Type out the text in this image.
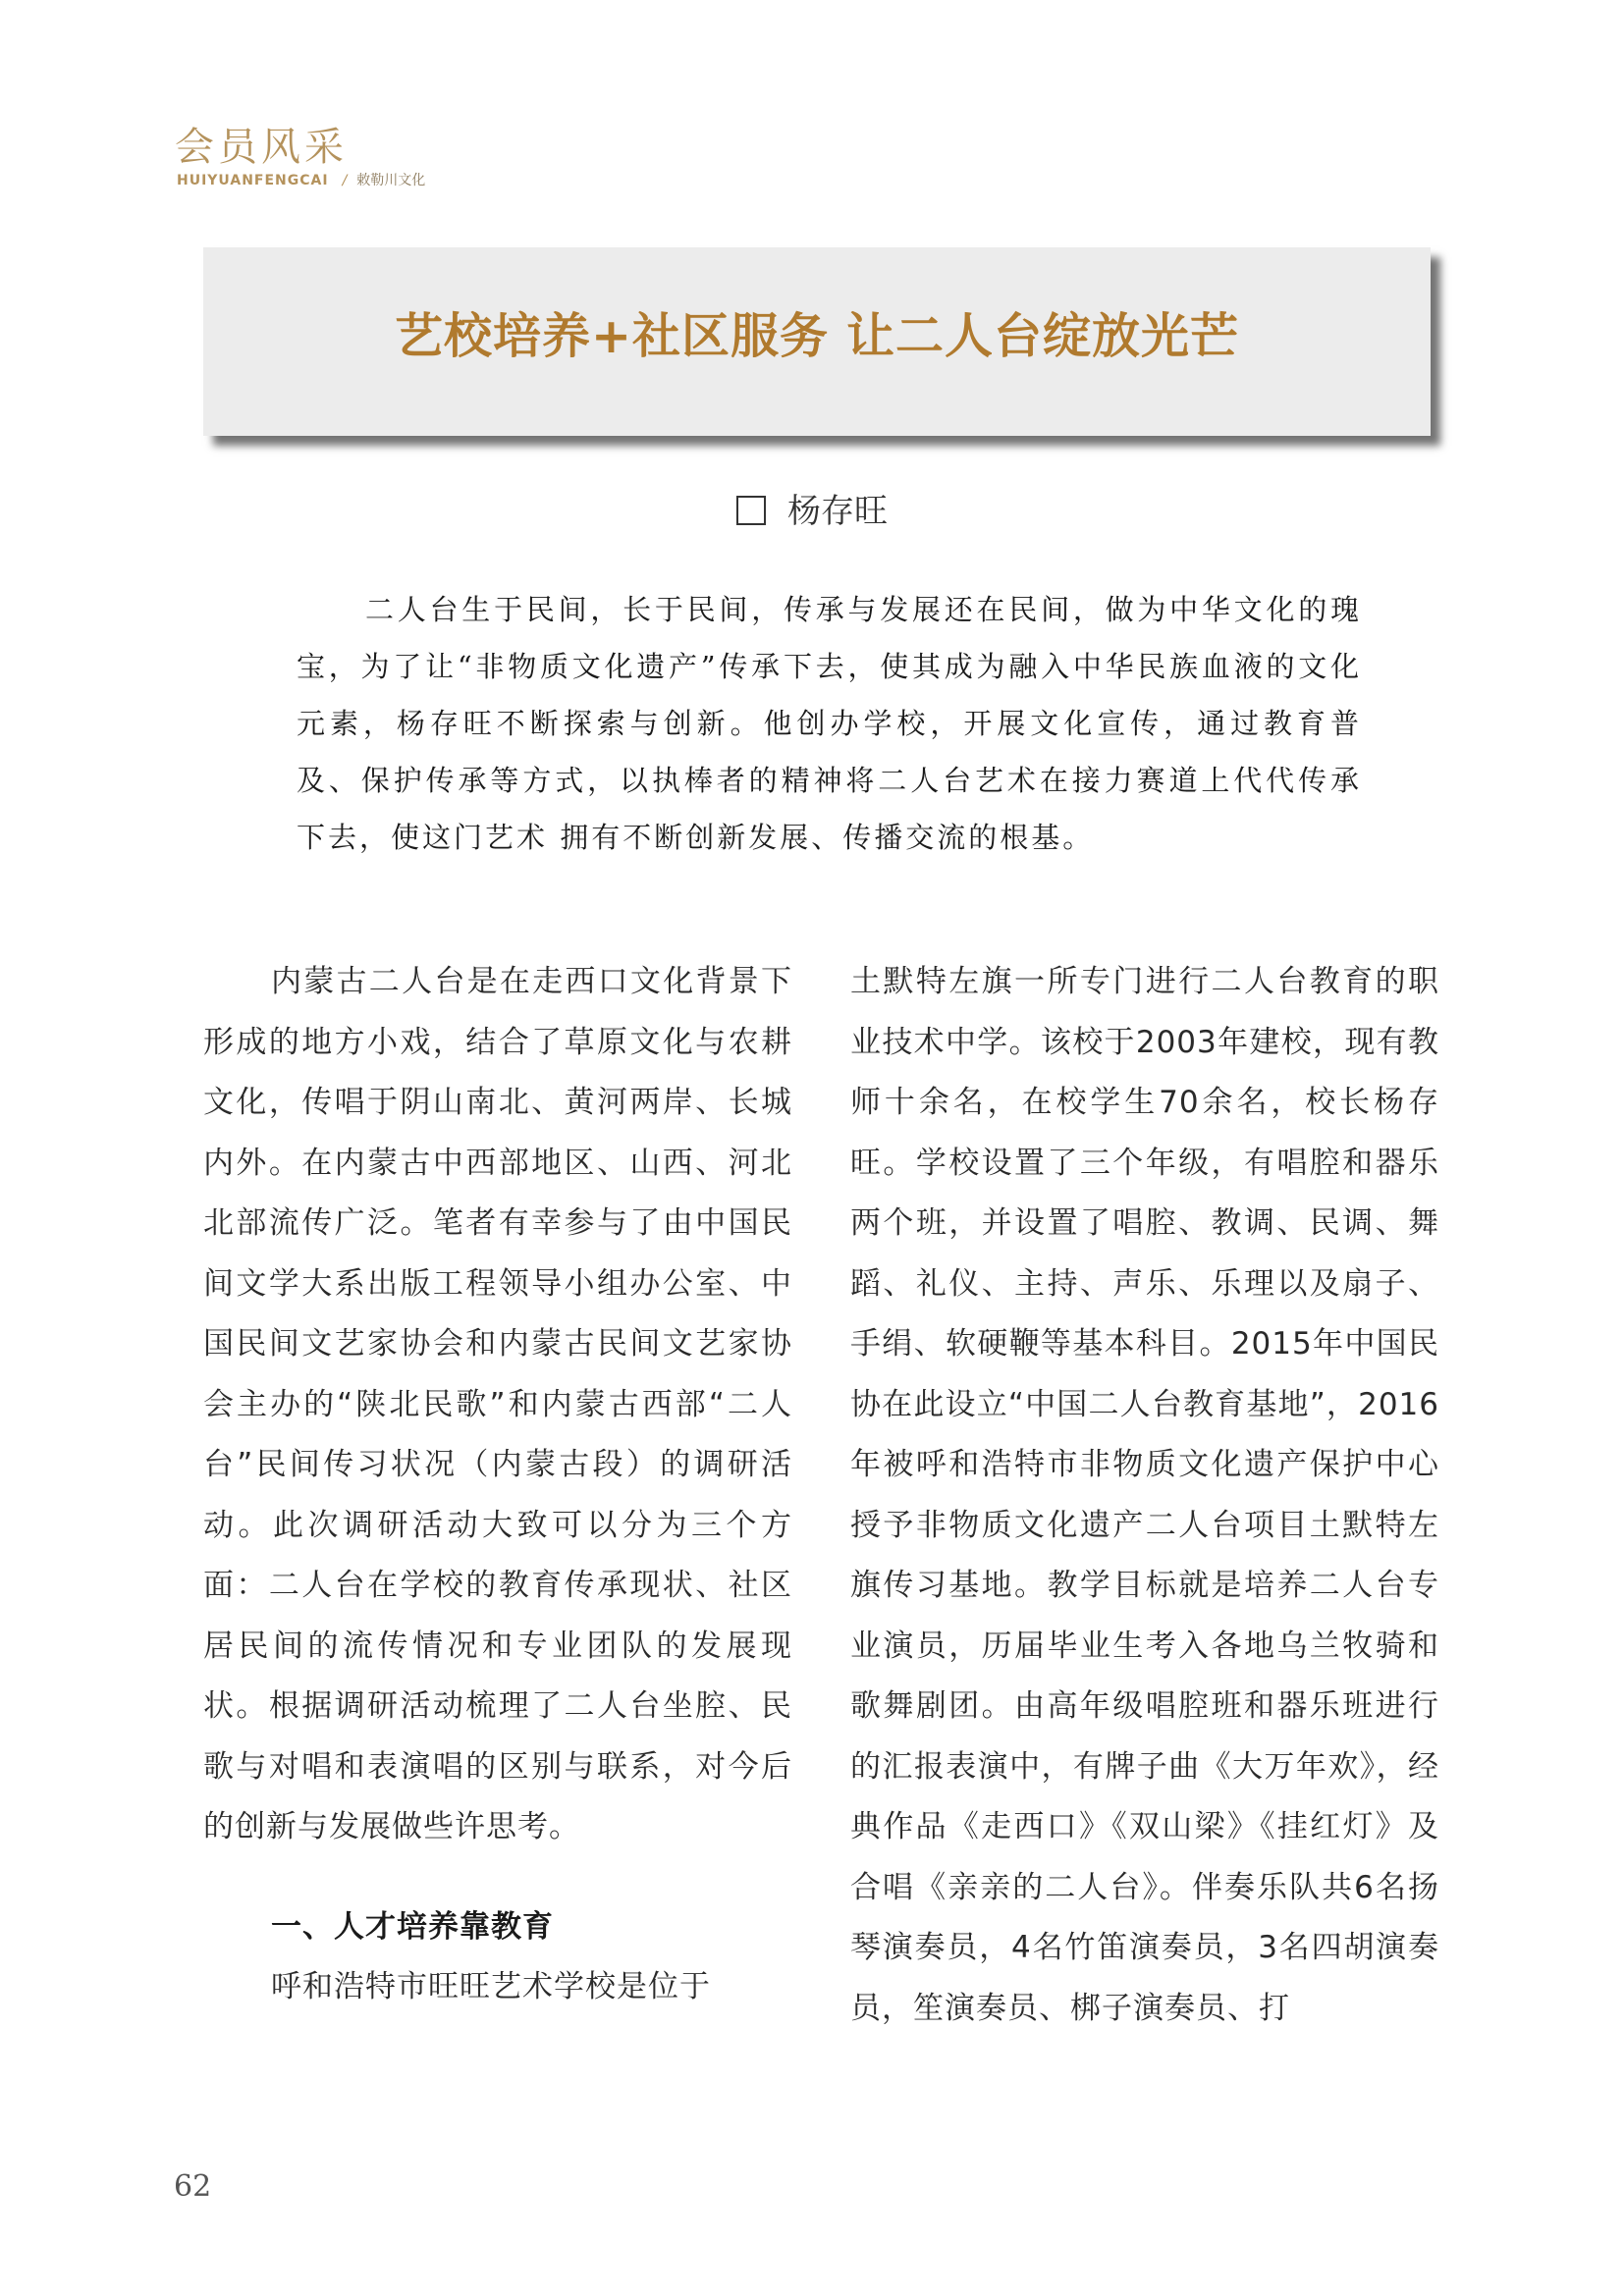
会员风采
HUIYUANFENGCAI / 敕勒川文化
艺校培养+社区服务 让二人台绽放光芒
杨存旺
二人台生于民间，长于民间，传承与发展还在民间，做为中华文化的瑰宝，为了让“非物质文化遗产”传承下去，使其成为融入中华民族血液的文化元素，杨存旺不断探索与创新。他创办学校，开展文化宣传，通过教育普及、保护传承等方式，以执棒者的精神将二人台艺术在接力赛道上代代传承下去，使这门艺术 拥有不断创新发展、传播交流的根基。

内蒙古二人台是在走西口文化背景下形成的地方小戏，结合了草原文化与农耕文化，传唱于阴山南北、黄河两岸、长城内外。在内蒙古中西部地区、山西、河北北部流传广泛。笔者有幸参与了由中国民间文学大系出版工程领导小组办公室、中国民间文艺家协会和内蒙古民间文艺家协会主办的“陕北民歌”和内蒙古西部“二人台”民间传习状况（内蒙古段）的调研活动。此次调研活动大致可以分为三个方面：二人台在学校的教育传承现状、社区居民间的流传情况和专业团队的发展现状。根据调研活动梳理了二人台坐腔、民歌与对唱和表演唱的区别与联系，对今后的创新与发展做些许思考。

一、人才培养靠教育

呼和浩特市旺旺艺术学校是位于

土默特左旗一所专门进行二人台教育的职业技术中学。该校于2003年建校，现有教师十余名，在校学生70余名，校长杨存旺。学校设置了三个年级，有唱腔和器乐两个班，并设置了唱腔、教调、民调、舞蹈、礼仪、主持、声乐、乐理以及扇子、手绢、软硬鞭等基本科目。2015年中国民协在此设立“中国二人台教育基地”，2016年被呼和浩特市非物质文化遗产保护中心授予非物质文化遗产二人台项目土默特左旗传习基地。教学目标就是培养二人台专业演员，历届毕业生考入各地乌兰牧骑和歌舞剧团。由高年级唱腔班和器乐班进行的汇报表演中，有牌子曲《大万年欢》，经典作品《走西口》《双山梁》《挂红灯》及合唱《亲亲的二人台》。伴奏乐队共6名扬琴演奏员，4名竹笛演奏员，3名四胡演奏员，笙演奏员、梆子演奏员、打

62
